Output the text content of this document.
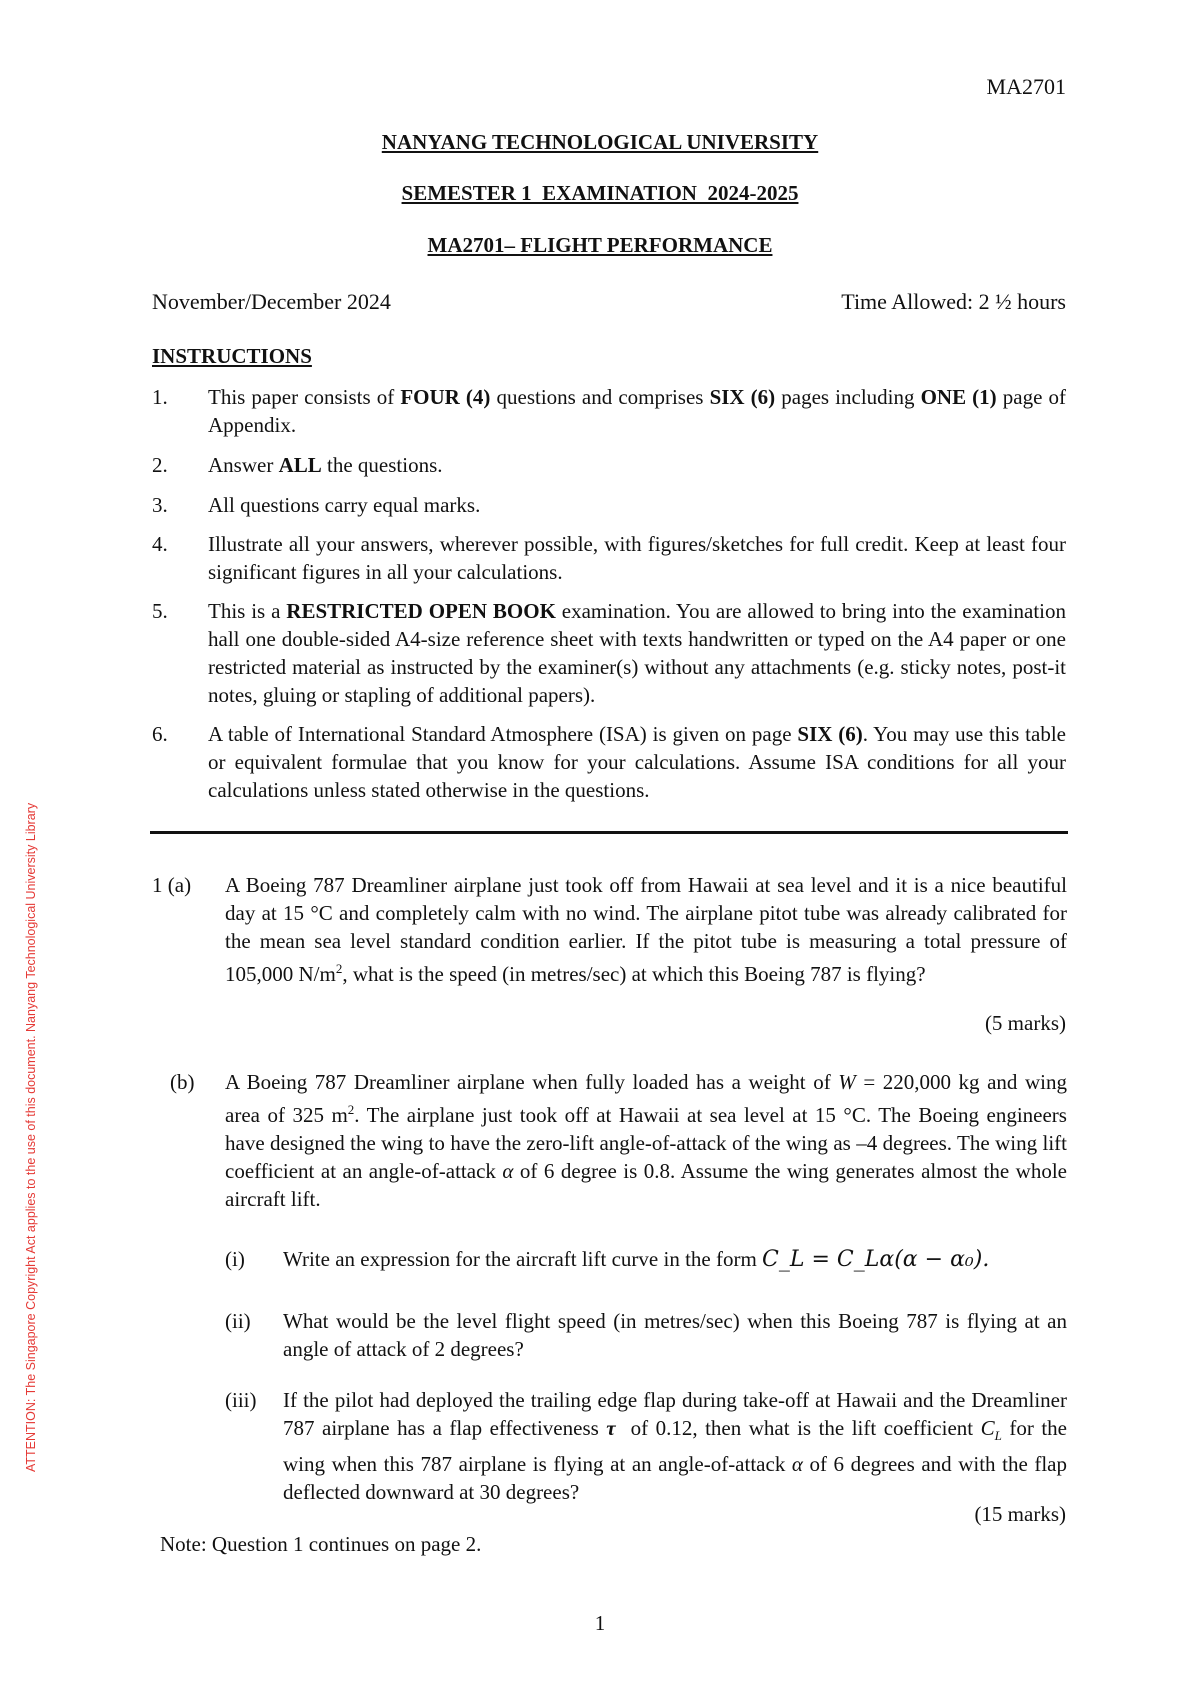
MA2701
NANYANG TECHNOLOGICAL UNIVERSITY
SEMESTER 1  EXAMINATION  2024-2025
MA2701– FLIGHT PERFORMANCE
November/December 2024	Time Allowed: 2 ½ hours
INSTRUCTIONS
1. This paper consists of FOUR (4) questions and comprises SIX (6) pages including ONE (1) page of Appendix.
2. Answer ALL the questions.
3. All questions carry equal marks.
4. Illustrate all your answers, wherever possible, with figures/sketches for full credit. Keep at least four significant figures in all your calculations.
5. This is a RESTRICTED OPEN BOOK examination. You are allowed to bring into the examination hall one double-sided A4-size reference sheet with texts handwritten or typed on the A4 paper or one restricted material as instructed by the examiner(s) without any attachments (e.g. sticky notes, post-it notes, gluing or stapling of additional papers).
6. A table of International Standard Atmosphere (ISA) is given on page SIX (6). You may use this table or equivalent formulae that you know for your calculations. Assume ISA conditions for all your calculations unless stated otherwise in the questions.
1 (a) A Boeing 787 Dreamliner airplane just took off from Hawaii at sea level and it is a nice beautiful day at 15 °C and completely calm with no wind. The airplane pitot tube was already calibrated for the mean sea level standard condition earlier. If the pitot tube is measuring a total pressure of 105,000 $N/m^2$, what is the speed (in metres/sec) at which this Boeing 787 is flying?
(5 marks)
(b) A Boeing 787 Dreamliner airplane when fully loaded has a weight of W = 220,000 kg and wing area of 325 $m^2$. The airplane just took off at Hawaii at sea level at 15 °C. The Boeing engineers have designed the wing to have the zero-lift angle-of-attack of the wing as –4 degrees. The wing lift coefficient at an angle-of-attack α of 6 degree is 0.8. Assume the wing generates almost the whole aircraft lift.
(i) Write an expression for the aircraft lift curve in the form C_L = C_Lα(α − α₀).
(ii) What would be the level flight speed (in metres/sec) when this Boeing 787 is flying at an angle of attack of 2 degrees?
(iii) If the pilot had deployed the trailing edge flap during take-off at Hawaii and the Dreamliner 787 airplane has a flap effectiveness τ  of 0.12, then what is the lift coefficient $C_L$ for the wing when this 787 airplane is flying at an angle-of-attack α of 6 degrees and with the flap deflected downward at 30 degrees?
(15 marks)
Note: Question 1 continues on page 2.
1
ATTENTION: The Singapore Copyright Act applies to the use of this document. Nanyang Technological University Library
